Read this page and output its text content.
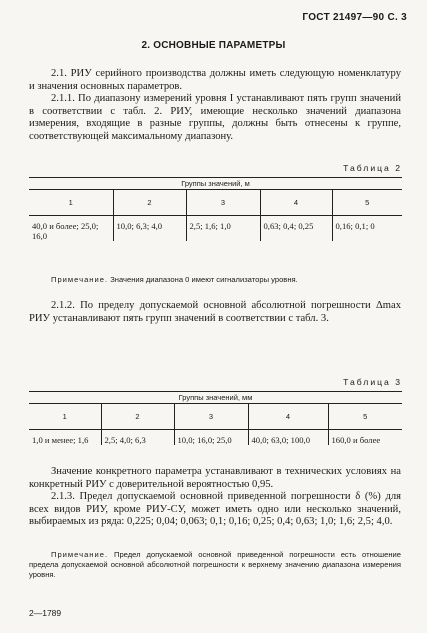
ГОСТ 21497—90 С. 3
2. ОСНОВНЫЕ ПАРАМЕТРЫ
2.1. РИУ серийного производства должны иметь следующую номенклатуру и значения основных параметров.
2.1.1. По диапазону измерений уровня I устанавливают пять групп значений в соответствии с табл. 2. РИУ, имеющие несколько значений диапазона измерения, входящие в разные группы, должны быть отнесены к группе, соответствующей максимальному диапазону.
Таблица 2
Группы значений, м				
1	2	3	4	5
40,0 и более; 25,0; 16,0	10,0; 6,3; 4,0	2,5; 1,6; 1,0	0,63; 0,4; 0,25	0,16; 0,1; 0
Примечание. Значения диапазона 0 имеют сигнализаторы уровня.
2.1.2. По пределу допускаемой основной абсолютной погрешности Δmax РИУ устанавливают пять групп значений в соответствии с табл. 3.
Таблица 3
Группы значений, мм				
1	2	3	4	5
1,0 и менее; 1,6	2,5; 4,0; 6,3	10,0; 16,0; 25,0	40,0; 63,0; 100,0	160,0 и более
Значение конкретного параметра устанавливают в технических условиях на конкретный РИУ с доверительной вероятностью 0,95.
2.1.3. Предел допускаемой основной приведенной погрешности δ (%) для всех видов РИУ, кроме РИУ-СУ, может иметь одно или несколько значений, выбираемых из ряда: 0,225; 0,04; 0,063; 0,1; 0,16; 0,25; 0,4; 0,63; 1,0; 1,6; 2,5; 4,0.
Примечание. Предел допускаемой основной приведенной погрешности есть отношение предела допускаемой основной абсолютной погрешности к верхнему значению диапазона измерения уровня.
2—1789
